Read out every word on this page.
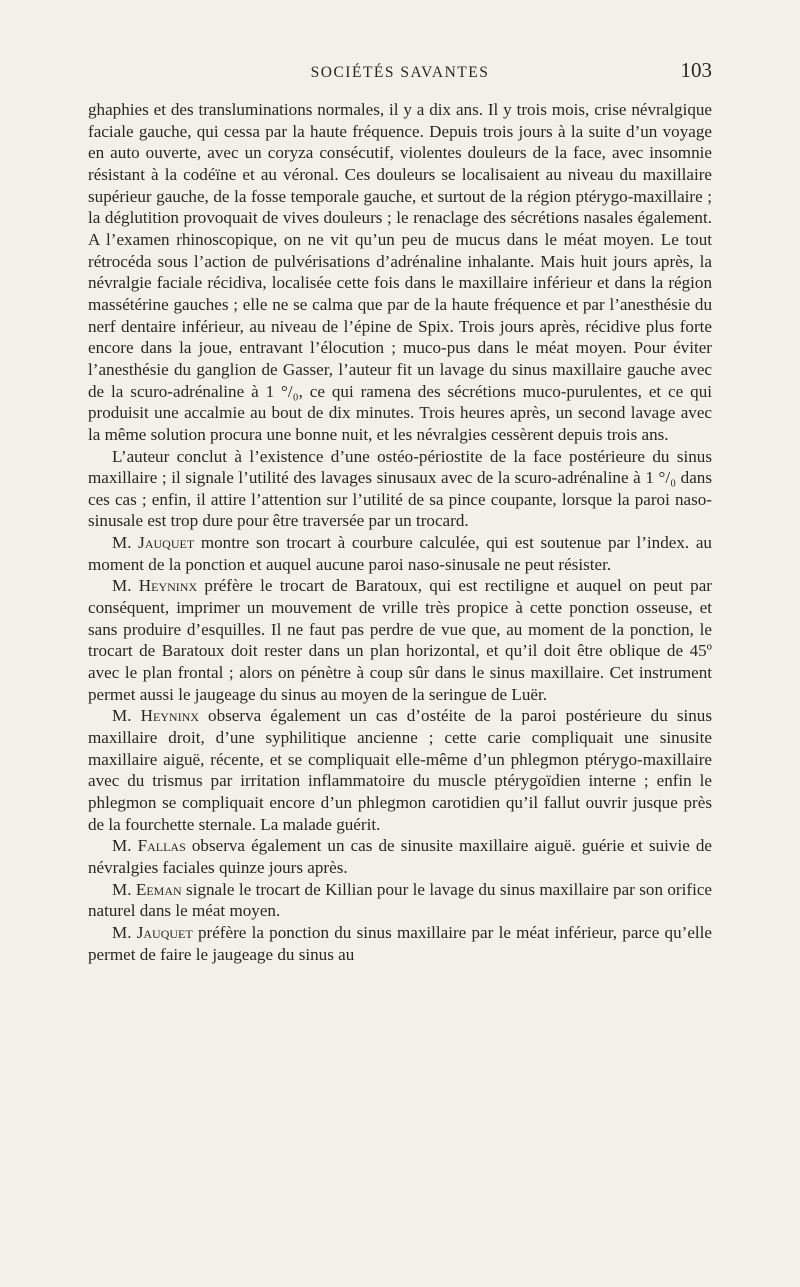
SOCIÉTÉS SAVANTES	103

ghaphies et des transluminations normales, il y a dix ans. Il y trois mois, crise névralgique faciale gauche, qui cessa par la haute fréquence. Depuis trois jours à la suite d’un voyage en auto ouverte, avec un coryza consécutif, violentes douleurs de la face, avec insomnie résistant à la codéïne et au véronal. Ces douleurs se localisaient au niveau du maxillaire supérieur gauche, de la fosse temporale gauche, et surtout de la région ptérygo-maxillaire ; la déglutition provoquait de vives douleurs ; le renaclage des sécrétions nasales également. A l’examen rhinoscopique, on ne vit qu’un peu de mucus dans le méat moyen. Le tout rétrocéda sous l’action de pulvérisations d’adrénaline inhalante. Mais huit jours après, la névralgie faciale récidiva, localisée cette fois dans le maxillaire inférieur et dans la région massétérine gauches ; elle ne se calma que par de la haute fréquence et par l’anesthésie du nerf dentaire inférieur, au niveau de l’épine de Spix. Trois jours après, récidive plus forte encore dans la joue, entravant l’élocution ; muco-pus dans le méat moyen. Pour éviter l’anesthésie du ganglion de Gasser, l’auteur fit un lavage du sinus maxillaire gauche avec de la scuro-adrénaline à 1 °/₀, ce qui ramena des sécrétions muco-purulentes, et ce qui produisit une accalmie au bout de dix minutes. Trois heures après, un second lavage avec la même solution procura une bonne nuit, et les névralgies cessèrent depuis trois ans.

L’auteur conclut à l’existence d’une ostéo-périostite de la face postérieure du sinus maxillaire ; il signale l’utilité des lavages sinusaux avec de la scuro-adrénaline à 1 °/₀ dans ces cas ; enfin, il attire l’attention sur l’utilité de sa pince coupante, lorsque la paroi naso-sinusale est trop dure pour être traversée par un trocard.

M. Jauquet montre son trocart à courbure calculée, qui est soutenue par l’index. au moment de la ponction et auquel aucune paroi naso-sinusale ne peut résister.

M. Heyninx préfère le trocart de Baratoux, qui est rectiligne et auquel on peut par conséquent, imprimer un mouvement de vrille très propice à cette ponction osseuse, et sans produire d’esquilles. Il ne faut pas perdre de vue que, au moment de la ponction, le trocart de Baratoux doit rester dans un plan horizontal, et qu’il doit être oblique de 45º avec le plan frontal ; alors on pénètre à coup sûr dans le sinus maxillaire. Cet instrument permet aussi le jaugeage du sinus au moyen de la seringue de Luër.

M. Heyninx observa également un cas d’ostéite de la paroi postérieure du sinus maxillaire droit, d’une syphilitique ancienne ; cette carie compliquait une sinusite maxillaire aiguë, récente, et se compliquait elle-même d’un phlegmon ptérygo-maxillaire avec du trismus par irritation inflammatoire du muscle ptérygoïdien interne ; enfin le phlegmon se compliquait encore d’un phlegmon carotidien qu’il fallut ouvrir jusque près de la fourchette sternale. La malade guérit.

M. Fallas observa également un cas de sinusite maxillaire aiguë. guérie et suivie de névralgies faciales quinze jours après.

M. Eeman signale le trocart de Killian pour le lavage du sinus maxillaire par son orifice naturel dans le méat moyen.

M. Jauquet préfère la ponction du sinus maxillaire par le méat inférieur, parce qu’elle permet de faire le jaugeage du sinus au
